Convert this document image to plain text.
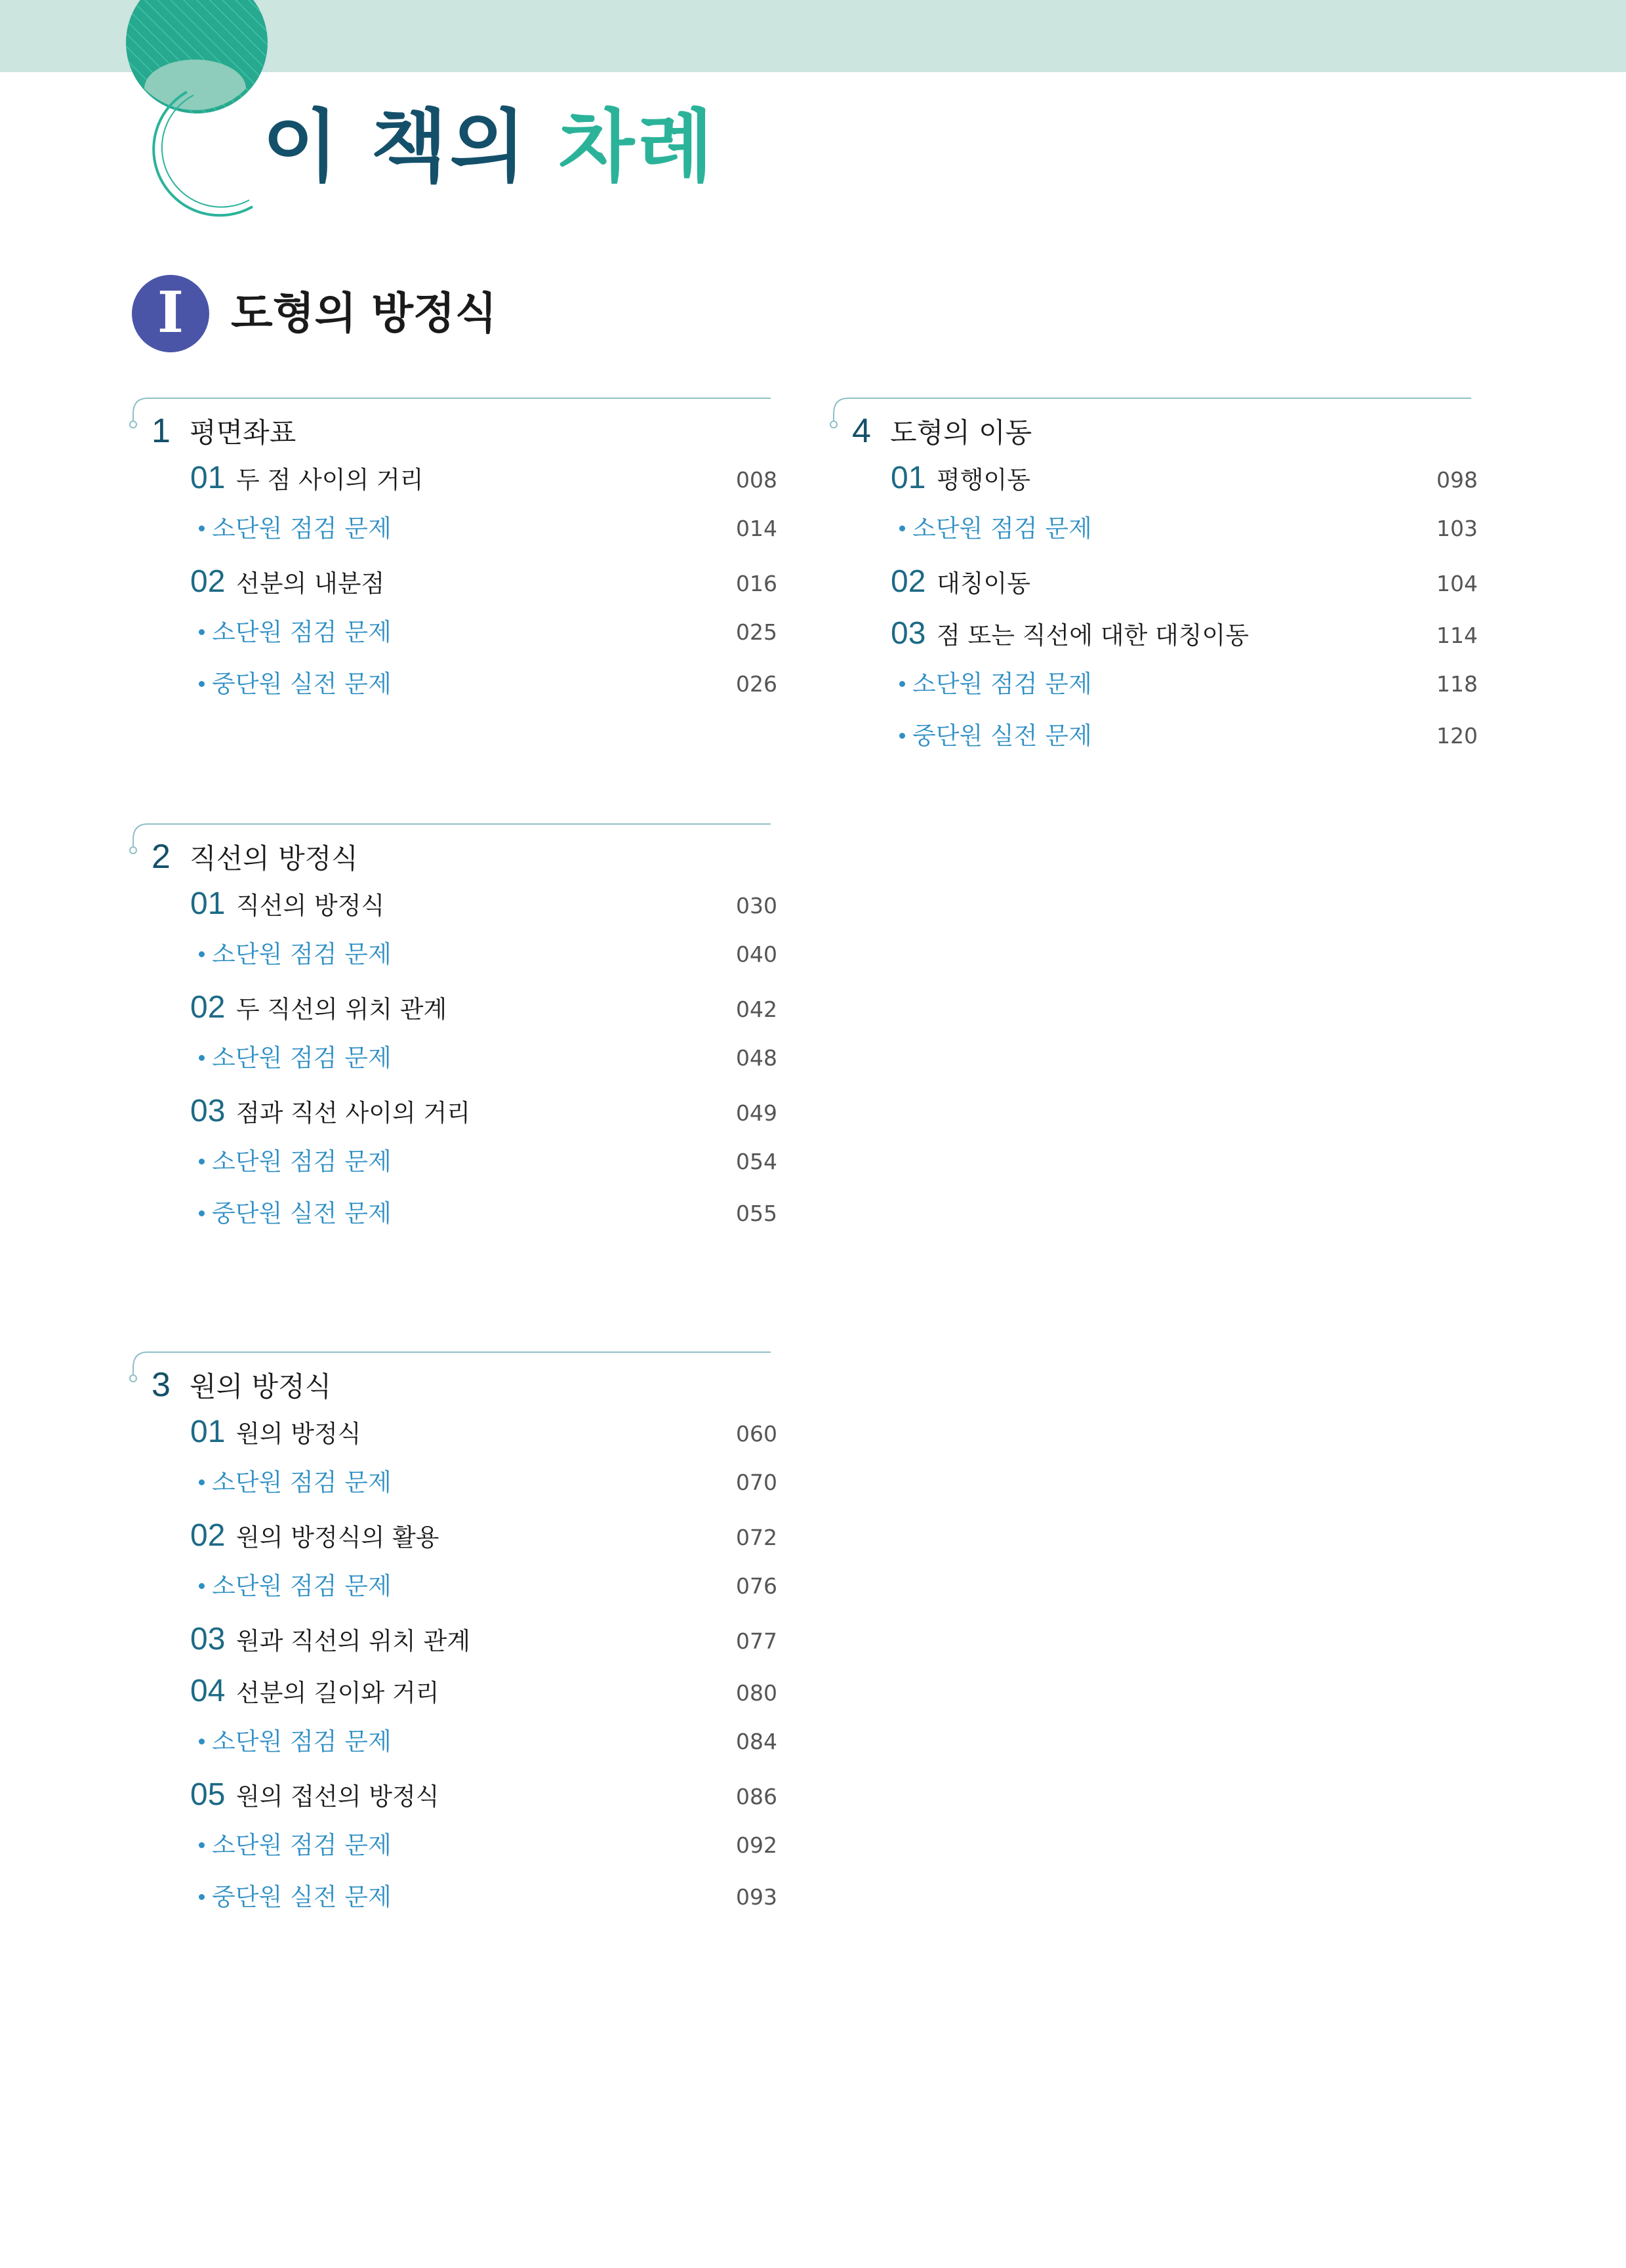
이 책의 차례
I 도형의 방정식
1 평면좌표
01 두 점 사이의 거리	008
소단원 점검 문제	014
02 선분의 내분점	016
소단원 점검 문제	025
중단원 실전 문제	026
2 직선의 방정식
01 직선의 방정식	030
소단원 점검 문제	040
02 두 직선의 위치 관계	042
소단원 점검 문제	048
03 점과 직선 사이의 거리	049
소단원 점검 문제	054
중단원 실전 문제	055
3 원의 방정식
01 원의 방정식	060
소단원 점검 문제	070
02 원의 방정식의 활용	072
소단원 점검 문제	076
03 원과 직선의 위치 관계	077
04 선분의 길이와 거리	080
소단원 점검 문제	084
05 원의 접선의 방정식	086
소단원 점검 문제	092
중단원 실전 문제	093
4 도형의 이동
01 평행이동	098
소단원 점검 문제	103
02 대칭이동	104
03 점 또는 직선에 대한 대칭이동	114
소단원 점검 문제	118
중단원 실전 문제	120
